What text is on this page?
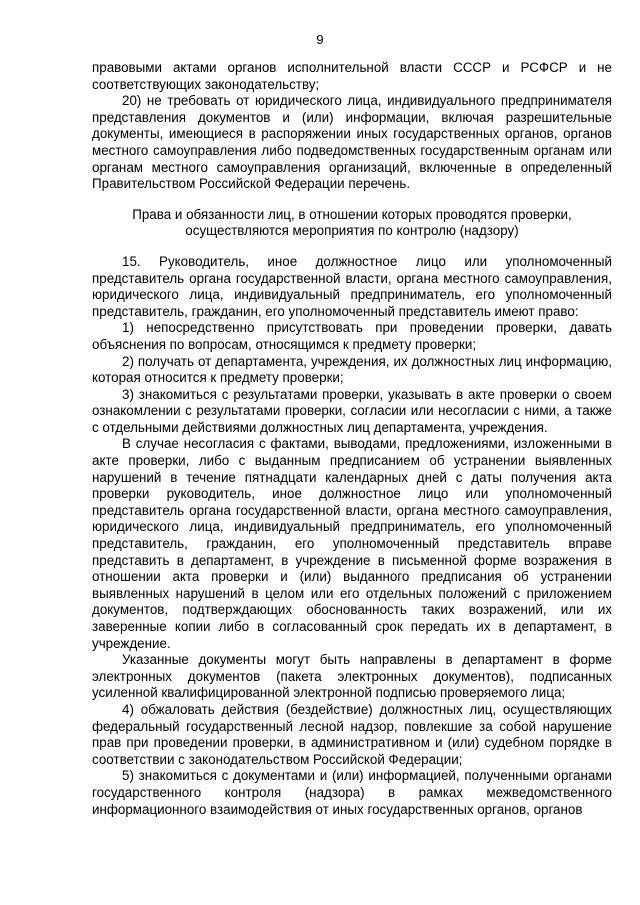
9

правовыми актами органов исполнительной власти СССР и РСФСР и не соответствующих законодательству;

20) не требовать от юридического лица, индивидуального предпринимателя представления документов и (или) информации, включая разрешительные документы, имеющиеся в распоряжении иных государственных органов, органов местного самоуправления либо подведомственных государственным органам или органам местного самоуправления организаций, включенные в определенный Правительством Российской Федерации перечень.

Права и обязанности лиц, в отношении которых проводятся проверки, осуществляются мероприятия по контролю (надзору)

15. Руководитель, иное должностное лицо или уполномоченный представитель органа государственной власти, органа местного самоуправления, юридического лица, индивидуальный предприниматель, его уполномоченный представитель, гражданин, его уполномоченный представитель имеют право:

1) непосредственно присутствовать при проведении проверки, давать объяснения по вопросам, относящимся к предмету проверки;

2) получать от департамента, учреждения, их должностных лиц информацию, которая относится к предмету проверки;

3) знакомиться с результатами проверки, указывать в акте проверки о своем ознакомлении с результатами проверки, согласии или несогласии с ними, а также с отдельными действиями должностных лиц департамента, учреждения.

В случае несогласия с фактами, выводами, предложениями, изложенными в акте проверки, либо с выданным предписанием об устранении выявленных нарушений в течение пятнадцати календарных дней с даты получения акта проверки руководитель, иное должностное лицо или уполномоченный представитель органа государственной власти, органа местного самоуправления, юридического лица, индивидуальный предприниматель, его уполномоченный представитель, гражданин, его уполномоченный представитель вправе представить в департамент, в учреждение в письменной форме возражения в отношении акта проверки и (или) выданного предписания об устранении выявленных нарушений в целом или его отдельных положений с приложением документов, подтверждающих обоснованность таких возражений, или их заверенные копии либо в согласованный срок передать их в департамент, в учреждение.

Указанные документы могут быть направлены в департамент в форме электронных документов (пакета электронных документов), подписанных усиленной квалифицированной электронной подписью проверяемого лица;

4) обжаловать действия (бездействие) должностных лиц, осуществляющих федеральный государственный лесной надзор, повлекшие за собой нарушение прав при проведении проверки, в административном и (или) судебном порядке в соответствии с законодательством Российской Федерации;

5) знакомиться с документами и (или) информацией, полученными органами государственного контроля (надзора) в рамках межведомственного информационного взаимодействия от иных государственных органов, органов
